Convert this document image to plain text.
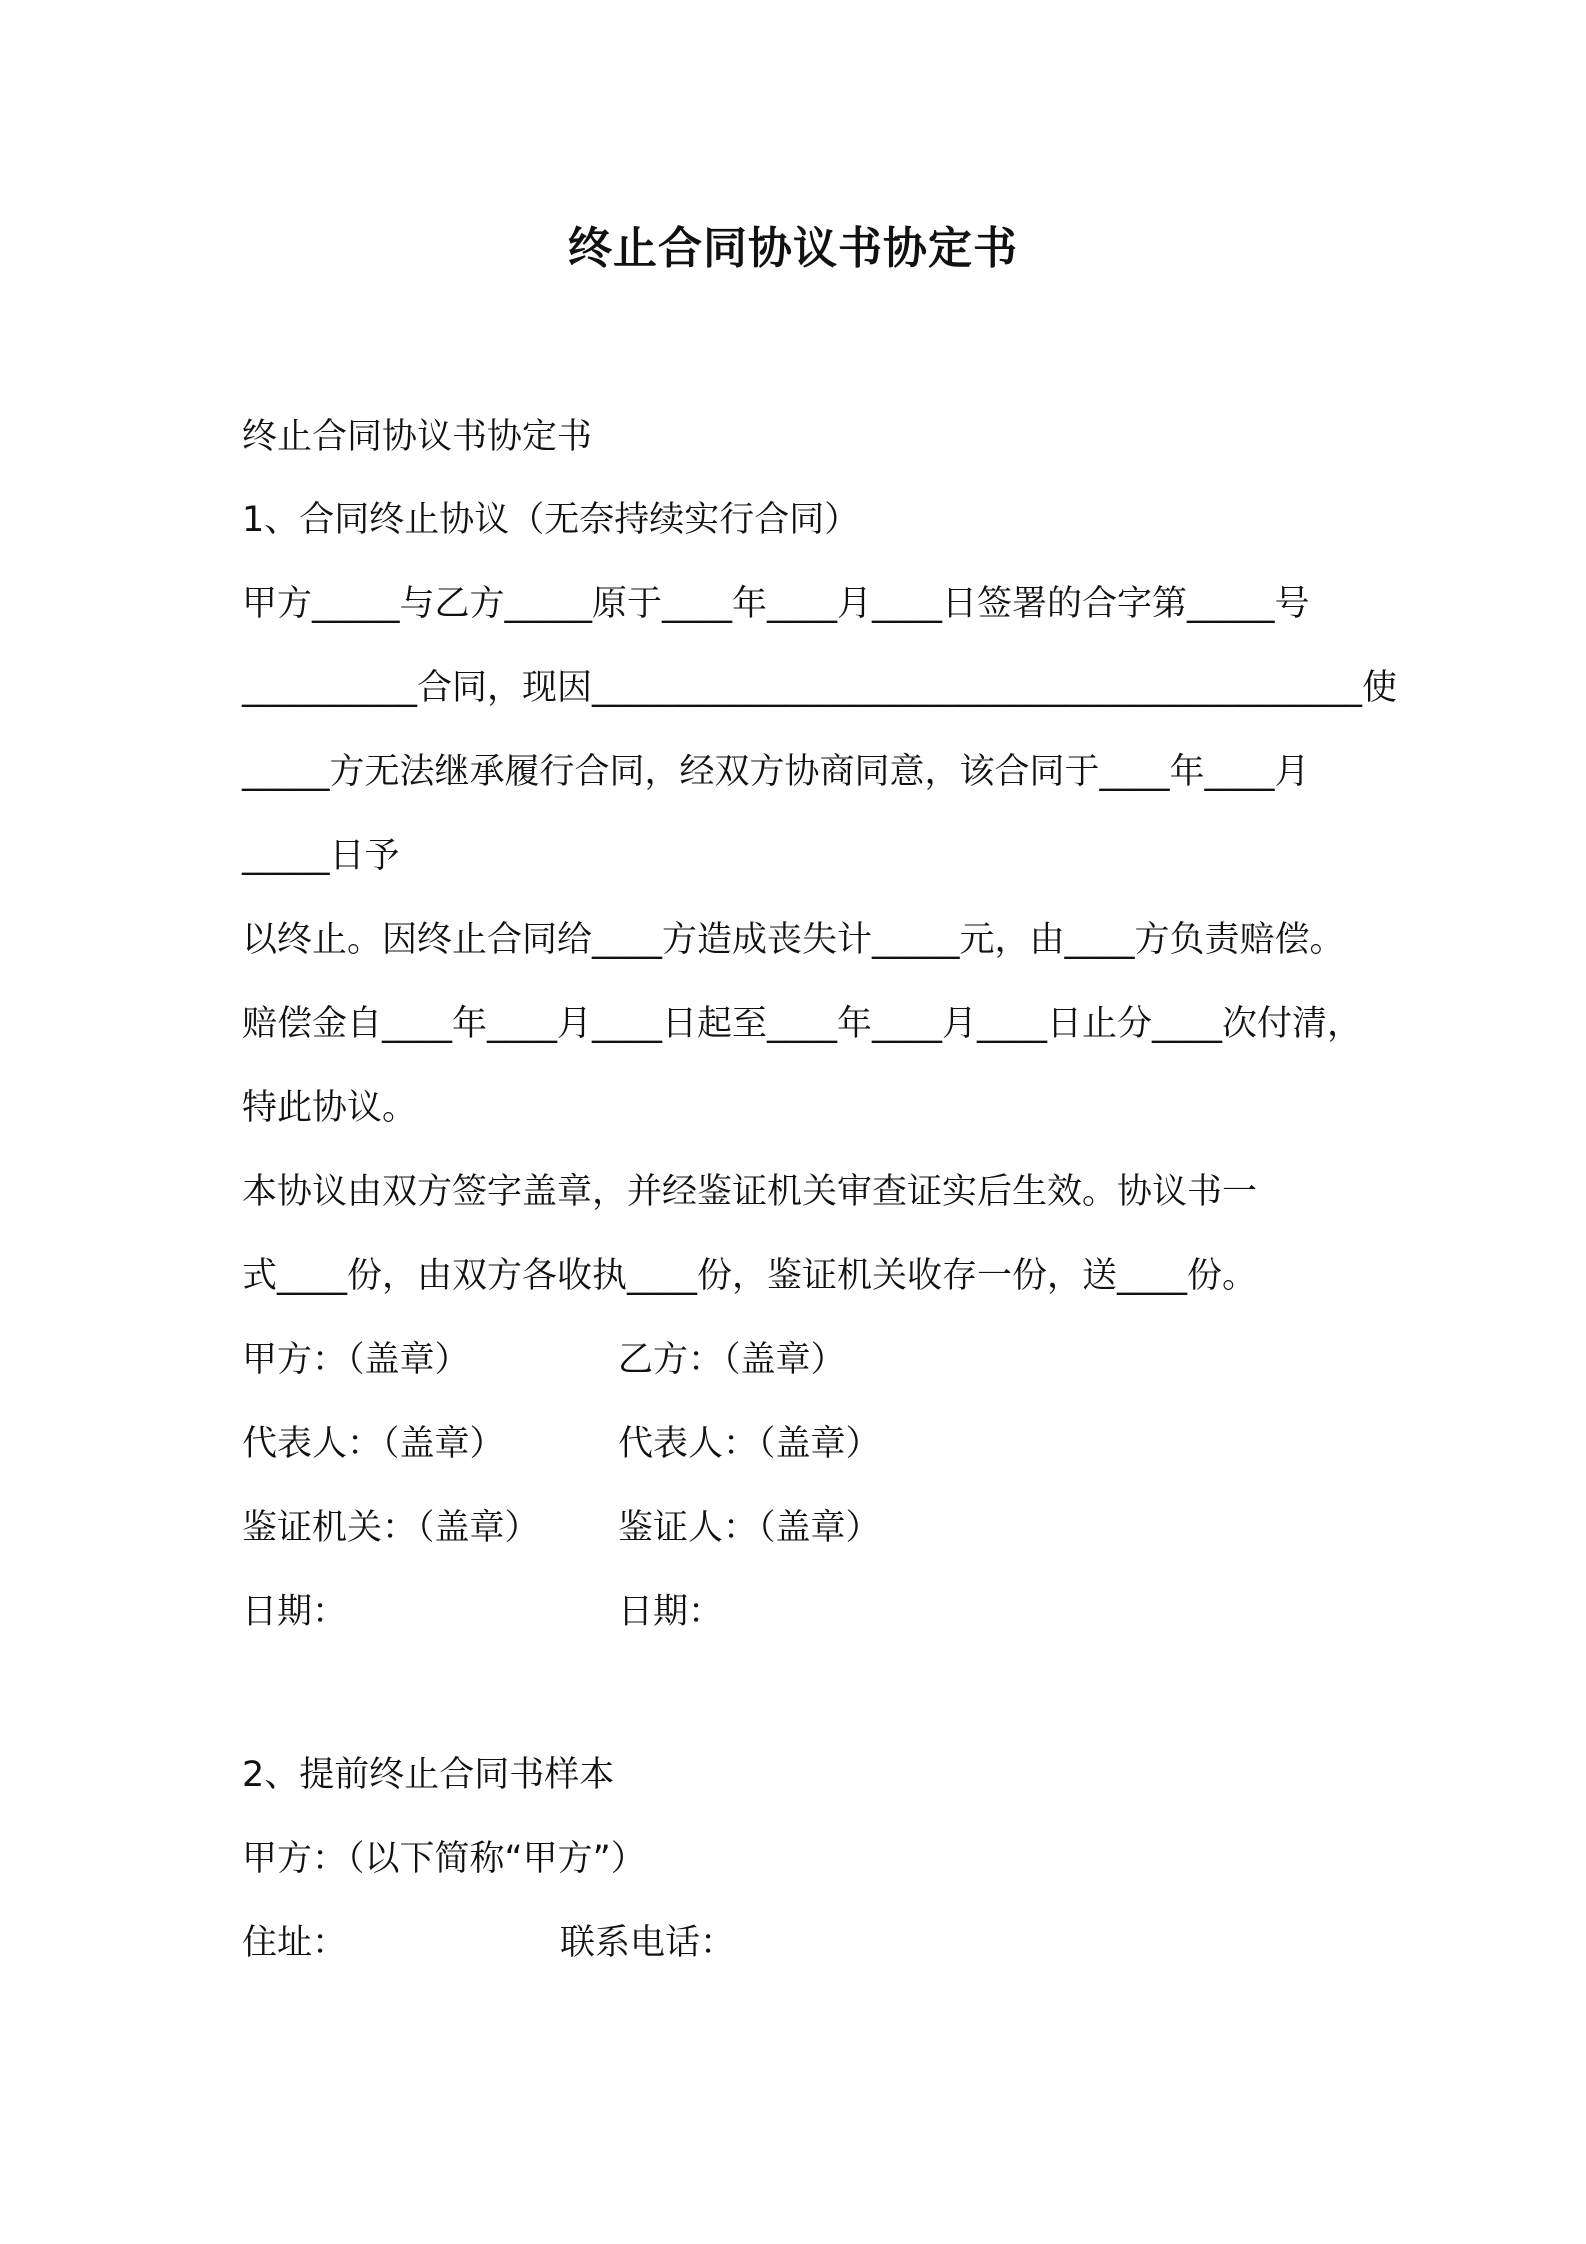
终止合同协议书协定书
终止合同协议书协定书
1、合同终止协议（无奈持续实行合同）
甲方_____与乙方_____原于____年____月____日签署的合字第_____号
__________合同，现因____________________________________________使
_____方无法继承履行合同，经双方协商同意，该合同于____年____月
_____日予
以终止。因终止合同给____方造成丧失计_____元，由____方负责赔偿。
赔偿金自____年____月____日起至____年____月____日止分____次付清，
特此协议。
本协议由双方签字盖章，并经鉴证机关审查证实后生效。协议书一
式____份，由双方各收执____份，鉴证机关收存一份，送____份。
甲方：（盖章）	乙方：（盖章）
代表人：（盖章）	代表人：（盖章）
鉴证机关：（盖章） 鉴证人：（盖章）
日期：	日期：
2、提前终止合同书样本
甲方：（以下简称“甲方”）
住址：	联系电话：
